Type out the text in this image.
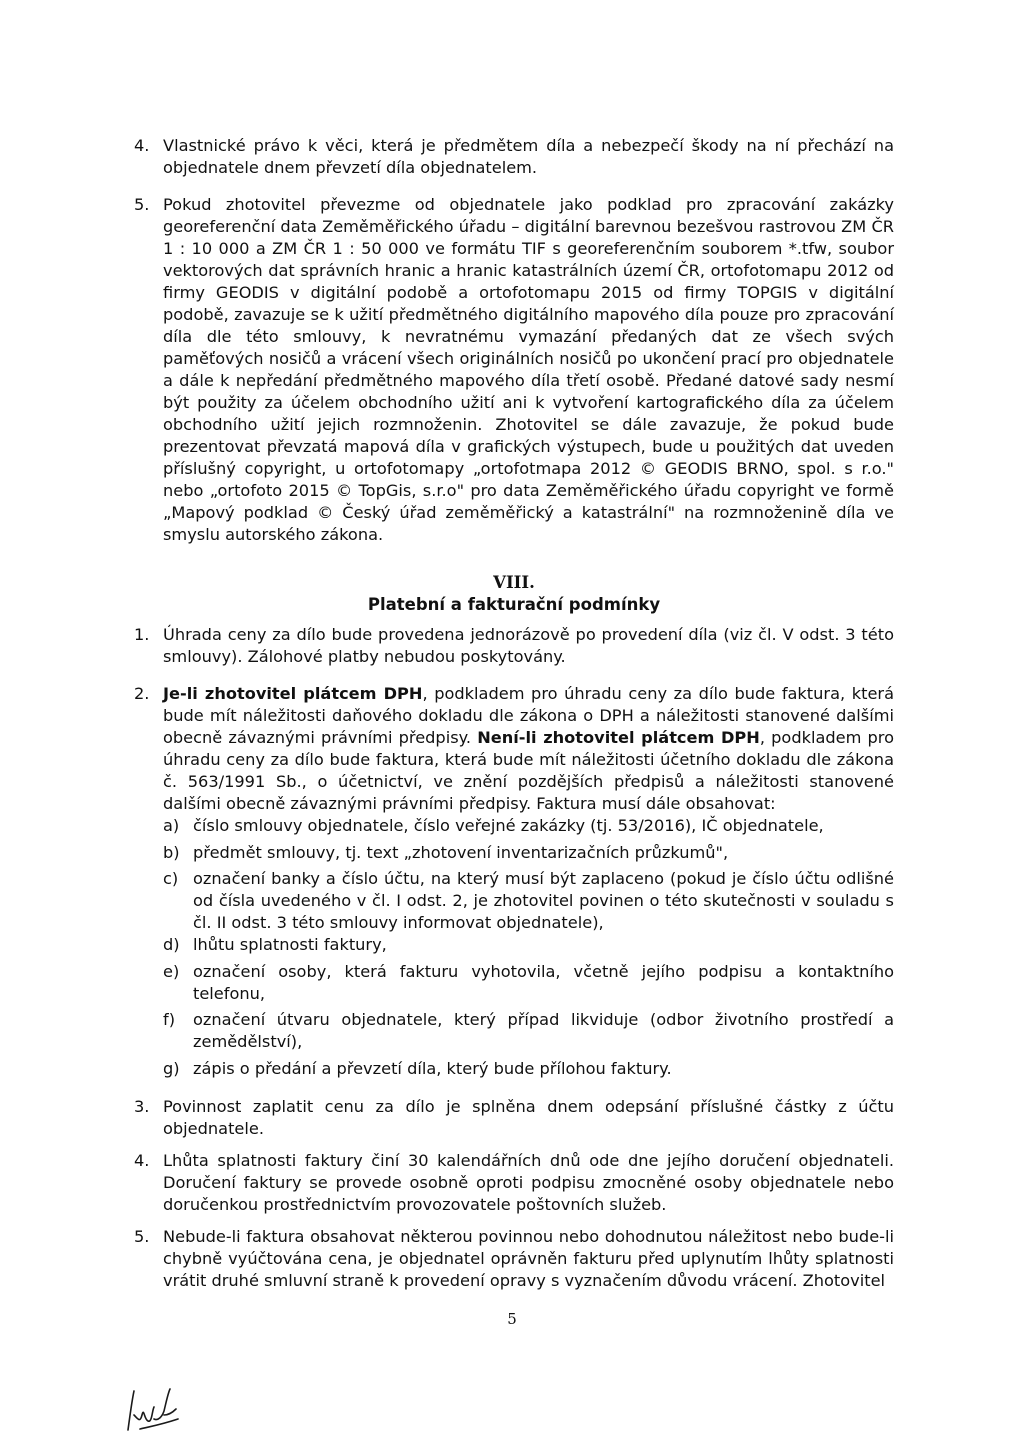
4. Vlastnické právo k věci, která je předmětem díla a nebezpečí škody na ní přechází na objednatele dnem převzetí díla objednatelem.
5. Pokud zhotovitel převezme od objednatele jako podklad pro zpracování zakázky georeferenční data Zeměměřického úřadu – digitální barevnou bezešvou rastrovou ZM ČR 1 : 10 000 a ZM ČR 1 : 50 000 ve formátu TIF s georeferenčním souborem *.tfw, soubor vektorových dat správních hranic a hranic katastrálních území ČR, ortofotomapu 2012 od firmy GEODIS v digitální podobě a ortofotomapu 2015 od firmy TOPGIS v digitální podobě, zavazuje se k užití předmětného digitálního mapového díla pouze pro zpracování díla dle této smlouvy, k nevratnému vymazání předaných dat ze všech svých paměťových nosičů a vrácení všech originálních nosičů po ukončení prací pro objednatele a dále k nepředání předmětného mapového díla třetí osobě. Předané datové sady nesmí být použity za účelem obchodního užití ani k vytvoření kartografického díla za účelem obchodního užití jejich rozmnoženin. Zhotovitel se dále zavazuje, že pokud bude prezentovat převzatá mapová díla v grafických výstupech, bude u použitých dat uveden příslušný copyright, u ortofotomapy „ortofotmapa 2012 © GEODIS BRNO, spol. s r.o." nebo „ortofoto 2015 © TopGis, s.r.o" pro data Zeměměřického úřadu copyright ve formě „Mapový podklad © Český úřad zeměměřický a katastrální" na rozmnoženině díla ve smyslu autorského zákona.
VIII.
Platební a fakturační podmínky
1. Úhrada ceny za dílo bude provedena jednorázově po provedení díla (viz čl. V odst. 3 této smlouvy). Zálohové platby nebudou poskytovány.
2. Je-li zhotovitel plátcem DPH, podkladem pro úhradu ceny za dílo bude faktura, která bude mít náležitosti daňového dokladu dle zákona o DPH a náležitosti stanovené dalšími obecně závaznými právními předpisy. Není-li zhotovitel plátcem DPH, podkladem pro úhradu ceny za dílo bude faktura, která bude mít náležitosti účetního dokladu dle zákona č. 563/1991 Sb., o účetnictví, ve znění pozdějších předpisů a náležitosti stanovené dalšími obecně závaznými právními předpisy. Faktura musí dále obsahovat:
a) číslo smlouvy objednatele, číslo veřejné zakázky (tj. 53/2016), IČ objednatele,
b) předmět smlouvy, tj. text „zhotovení inventarizačních průzkumů",
c) označení banky a číslo účtu, na který musí být zaplaceno (pokud je číslo účtu odlišné od čísla uvedeného v čl. I odst. 2, je zhotovitel povinen o této skutečnosti v souladu s čl. II odst. 3 této smlouvy informovat objednatele),
d) lhůtu splatnosti faktury,
e) označení osoby, která fakturu vyhotovila, včetně jejího podpisu a kontaktního telefonu,
f)	označení útvaru objednatele, který případ likviduje (odbor životního prostředí a zemědělství),
g) zápis o předání a převzetí díla, který bude přílohou faktury.
3. Povinnost zaplatit cenu za dílo je splněna dnem odepsání příslušné částky z účtu objednatele.
4. Lhůta splatnosti faktury činí 30 kalendářních dnů ode dne jejího doručení objednateli. Doručení faktury se provede osobně oproti podpisu zmocněné osoby objednatele nebo doručenkou prostřednictvím provozovatele poštovních služeb.
5. Nebude-li faktura obsahovat některou povinnou nebo dohodnutou náležitost nebo bude-li chybně vyúčtována cena, je objednatel oprávněn fakturu před uplynutím lhůty splatnosti vrátit druhé smluvní straně k provedení opravy s vyznačením důvodu vrácení. Zhotovitel
5
